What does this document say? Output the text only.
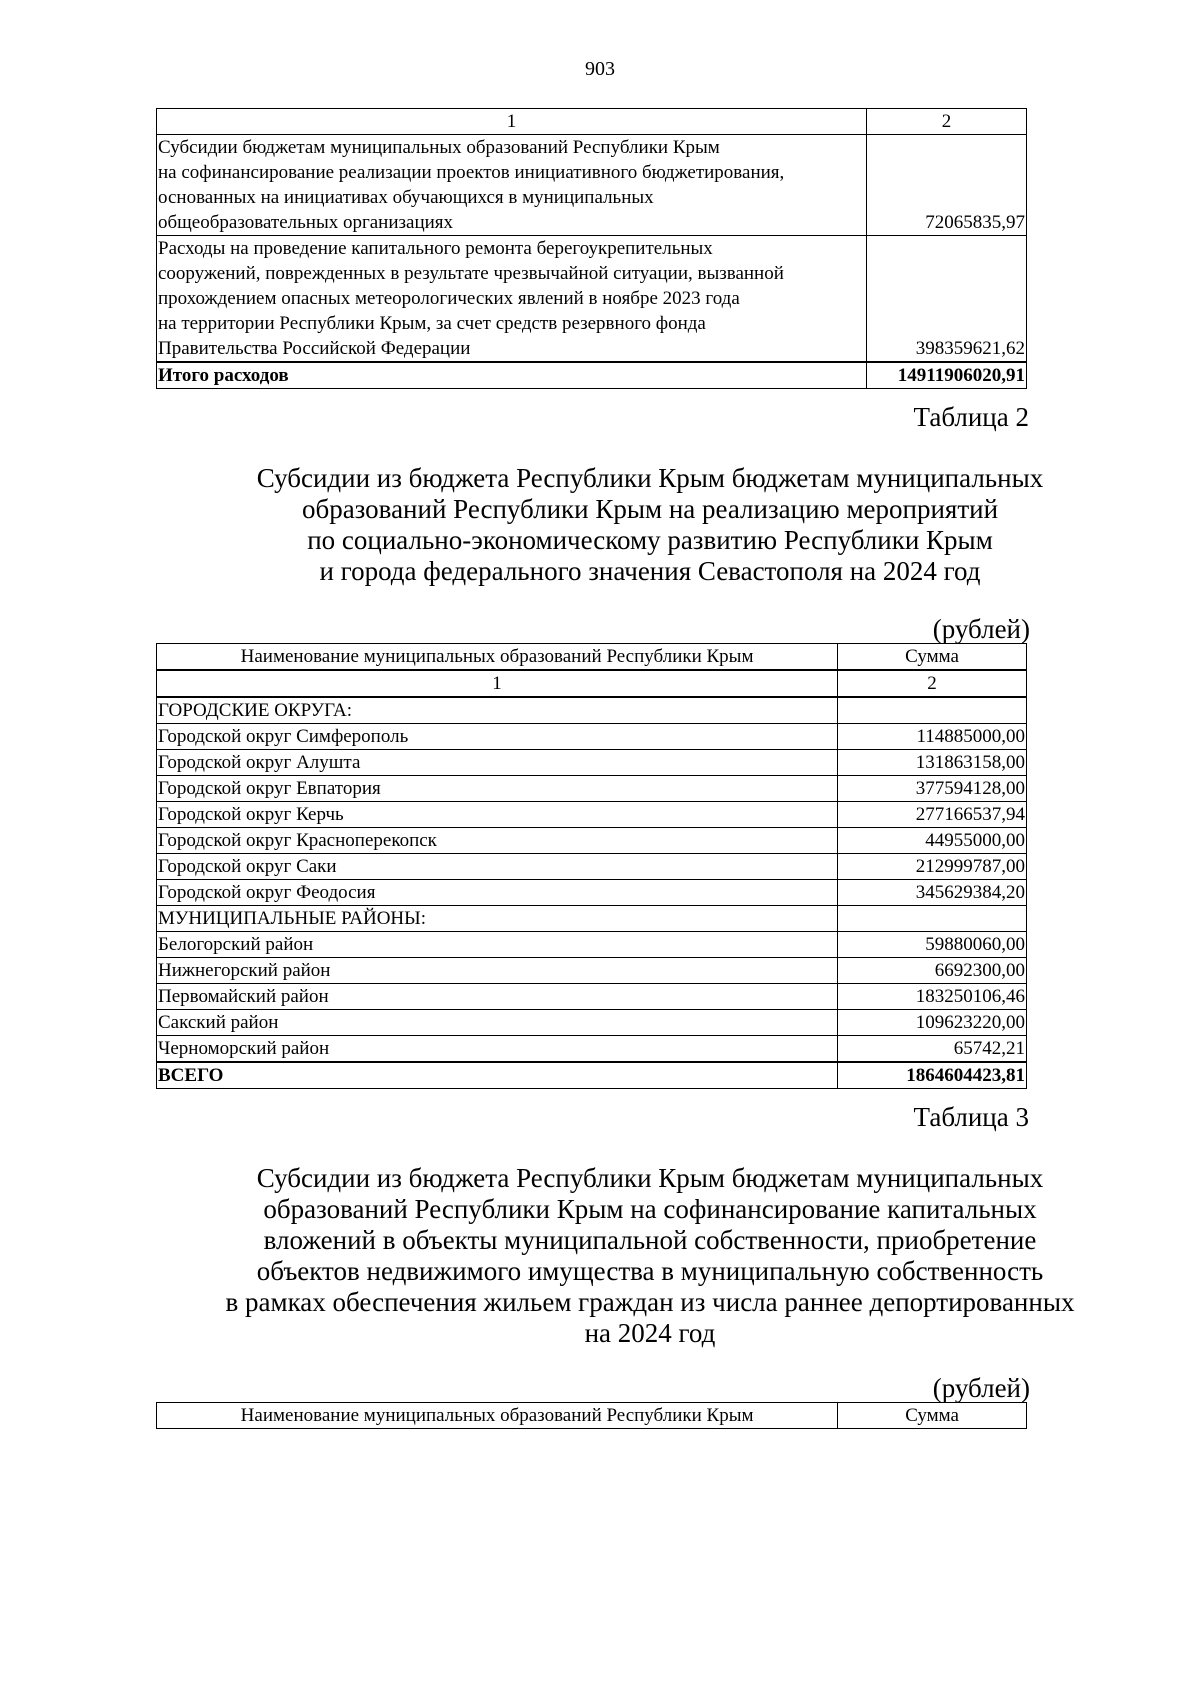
903
1	2
Субсидии бюджетам муниципальных образований Республики Крым
на софинансирование реализации проектов инициативного бюджетирования,
основанных на инициативах обучающихся в муниципальных
общеобразовательных организациях	72065835,97
Расходы на проведение капитального ремонта берегоукрепительных
сооружений, поврежденных в результате чрезвычайной ситуации, вызванной
прохождением опасных метеорологических явлений в ноябре 2023 года
на территории Республики Крым, за счет средств резервного фонда
Правительства Российской Федерации	398359621,62
Итого расходов	14911906020,91
Таблица 2
Субсидии из бюджета Республики Крым бюджетам муниципальных
образований Республики Крым на реализацию мероприятий
по социально-экономическому развитию Республики Крым
и города федерального значения Севастополя на 2024 год
(рублей)
Наименование муниципальных образований Республики Крым	Сумма
1	2
ГОРОДСКИЕ ОКРУГА:	
Городской округ Симферополь	114885000,00
Городской округ Алушта	131863158,00
Городской округ Евпатория	377594128,00
Городской округ Керчь	277166537,94
Городской округ Красноперекопск	44955000,00
Городской округ Саки	212999787,00
Городской округ Феодосия	345629384,20
МУНИЦИПАЛЬНЫЕ РАЙОНЫ:	
Белогорский район	59880060,00
Нижнегорский район	6692300,00
Первомайский район	183250106,46
Сакский район	109623220,00
Черноморский район	65742,21
ВСЕГО	1864604423,81
Таблица 3
Субсидии из бюджета Республики Крым бюджетам муниципальных
образований Республики Крым на софинансирование капитальных
вложений в объекты муниципальной собственности, приобретение
объектов недвижимого имущества в муниципальную собственность
в рамках обеспечения жильем граждан из числа раннее депортированных
на 2024 год
(рублей)
Наименование муниципальных образований Республики Крым	Сумма
